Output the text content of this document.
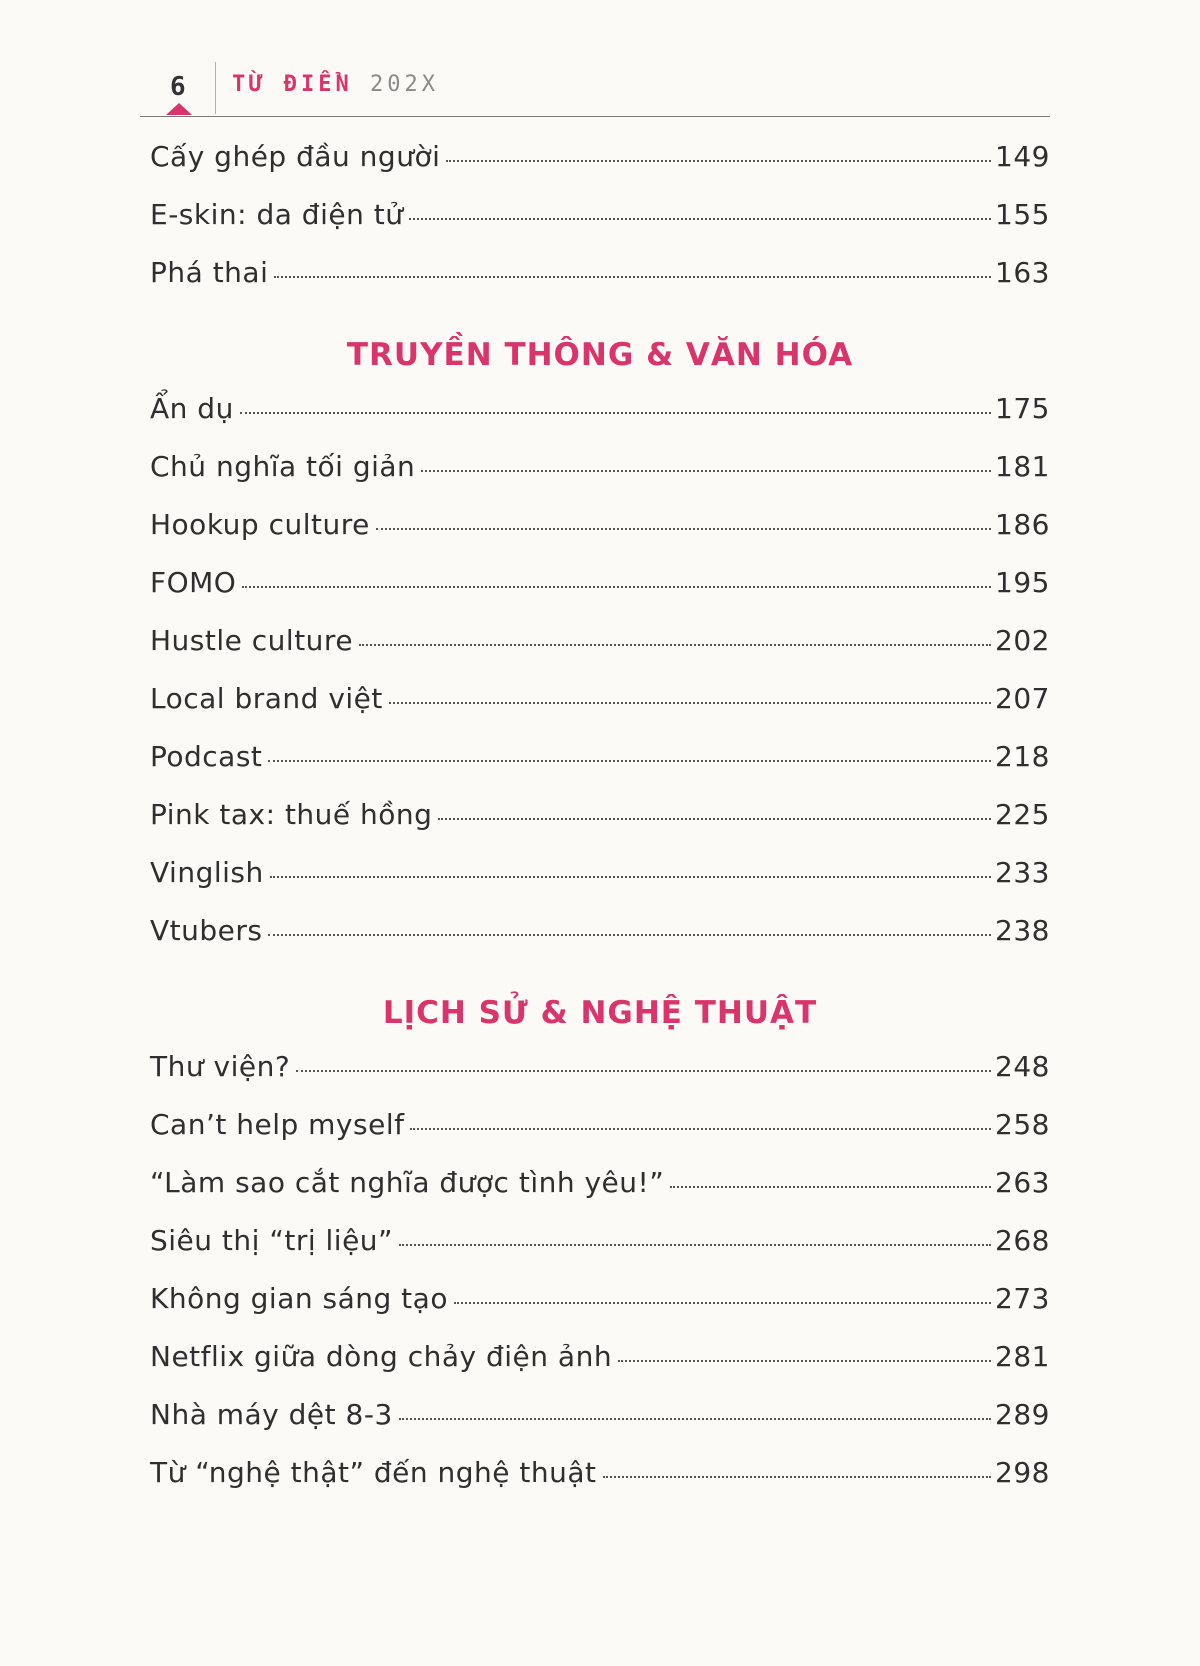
6 TỪ ĐIỂN 202X
Cấy ghép đầu người	149
E-skin: da điện tử	155
Phá thai	163
TRUYỀN THÔNG & VĂN HÓA
Ẩn dụ	175
Chủ nghĩa tối giản	181
Hookup culture	186
FOMO	195
Hustle culture	202
Local brand việt	207
Podcast	218
Pink tax: thuế hồng	225
Vinglish	233
Vtubers	238
LỊCH SỬ & NGHỆ THUẬT
Thư viện?	248
Can’t help myself	258
“Làm sao cắt nghĩa được tình yêu!”	263
Siêu thị “trị liệu”	268
Không gian sáng tạo	273
Netflix giữa dòng chảy điện ảnh	281
Nhà máy dệt 8-3	289
Từ “nghệ thật” đến nghệ thuật	298
